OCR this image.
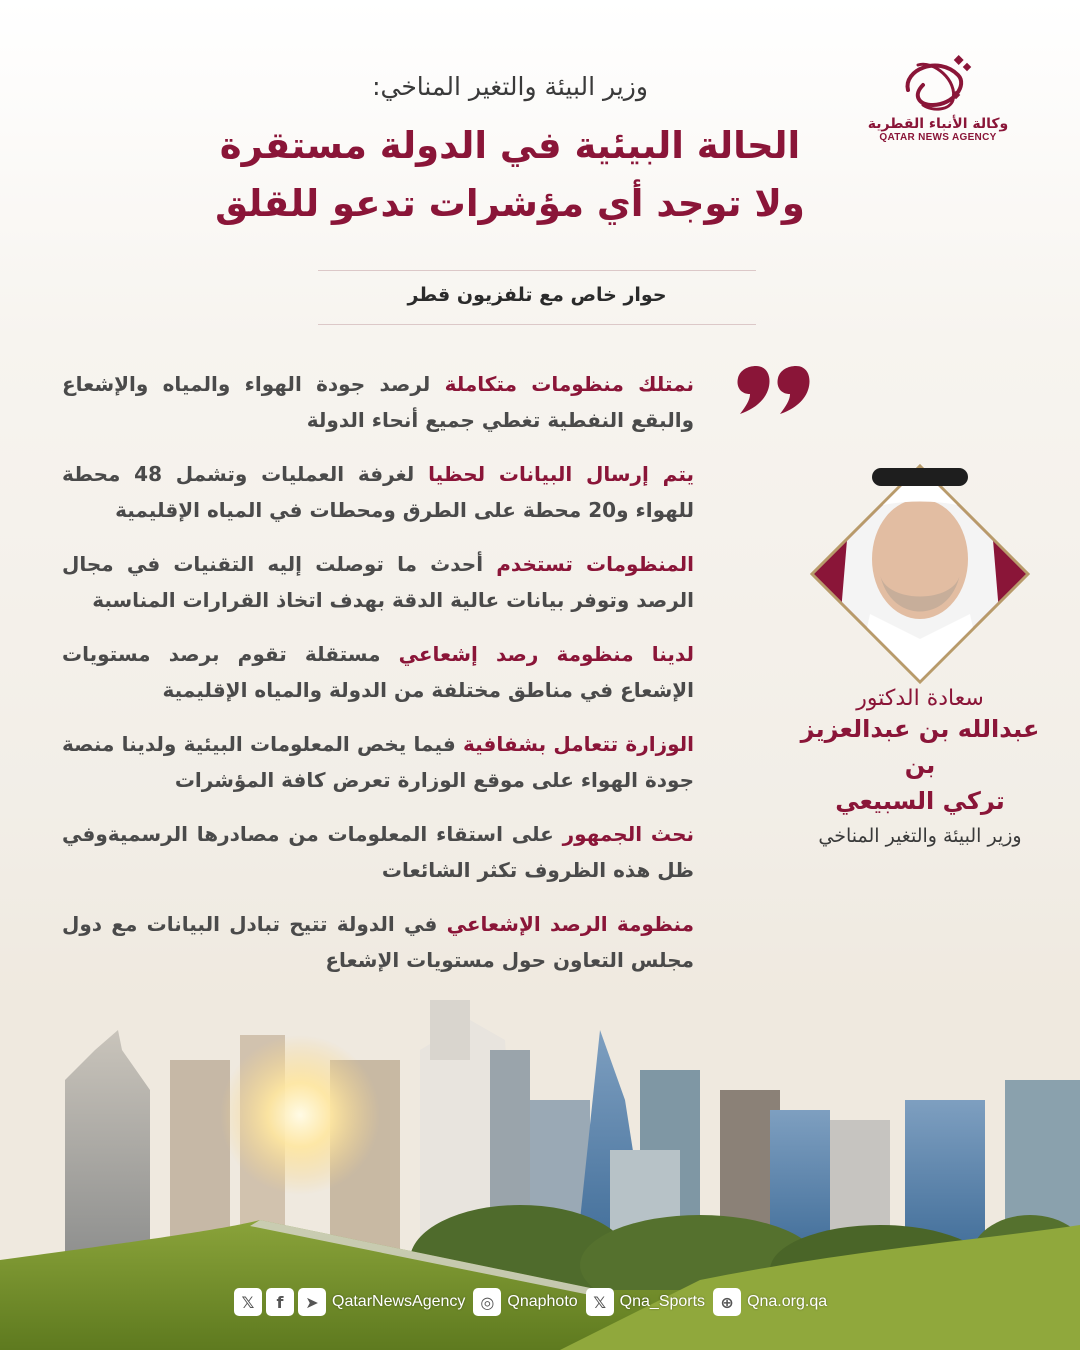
وكالة الأنباء القطرية
QATAR NEWS AGENCY
وزير البيئة والتغير المناخي:
الحالة البيئية في الدولة مستقرة
ولا توجد أي مؤشرات تدعو للقلق
حوار خاص مع تلفزيون قطر

نمتلك منظومات متكاملة لرصد جودة الهواء والمياه والإشعاع والبقع النفطية تغطي جميع أنحاء الدولة

يتم إرسال البيانات لحظيا لغرفة العمليات وتشمل 48 محطة للهواء و20 محطة على الطرق ومحطات في المياه الإقليمية

المنظومات تستخدم أحدث ما توصلت إليه التقنيات في مجال الرصد وتوفر بيانات عالية الدقة بهدف اتخاذ القرارات المناسبة

لدينا منظومة رصد إشعاعي مستقلة تقوم برصد مستويات الإشعاع في مناطق مختلفة من الدولة والمياه الإقليمية

الوزارة تتعامل بشفافية فيما يخص المعلومات البيئية ولدينا منصة جودة الهواء على موقع الوزارة تعرض كافة المؤشرات

نحث الجمهور على استقاء المعلومات من مصادرها الرسميةوفي ظل هذه الظروف تكثر الشائعات

منظومة الرصد الإشعاعي في الدولة تتيح تبادل البيانات مع دول مجلس التعاون حول مستويات الإشعاع

سعادة الدكتور
عبدالله بن عبدالعزيز بن
تركي السبيعي
وزير البيئة والتغير المناخي
𝕏	f	➤ QatarNewsAgency ◎ Qnaphoto 𝕏 Qna_Sports ⊕ Qna.org.qa
